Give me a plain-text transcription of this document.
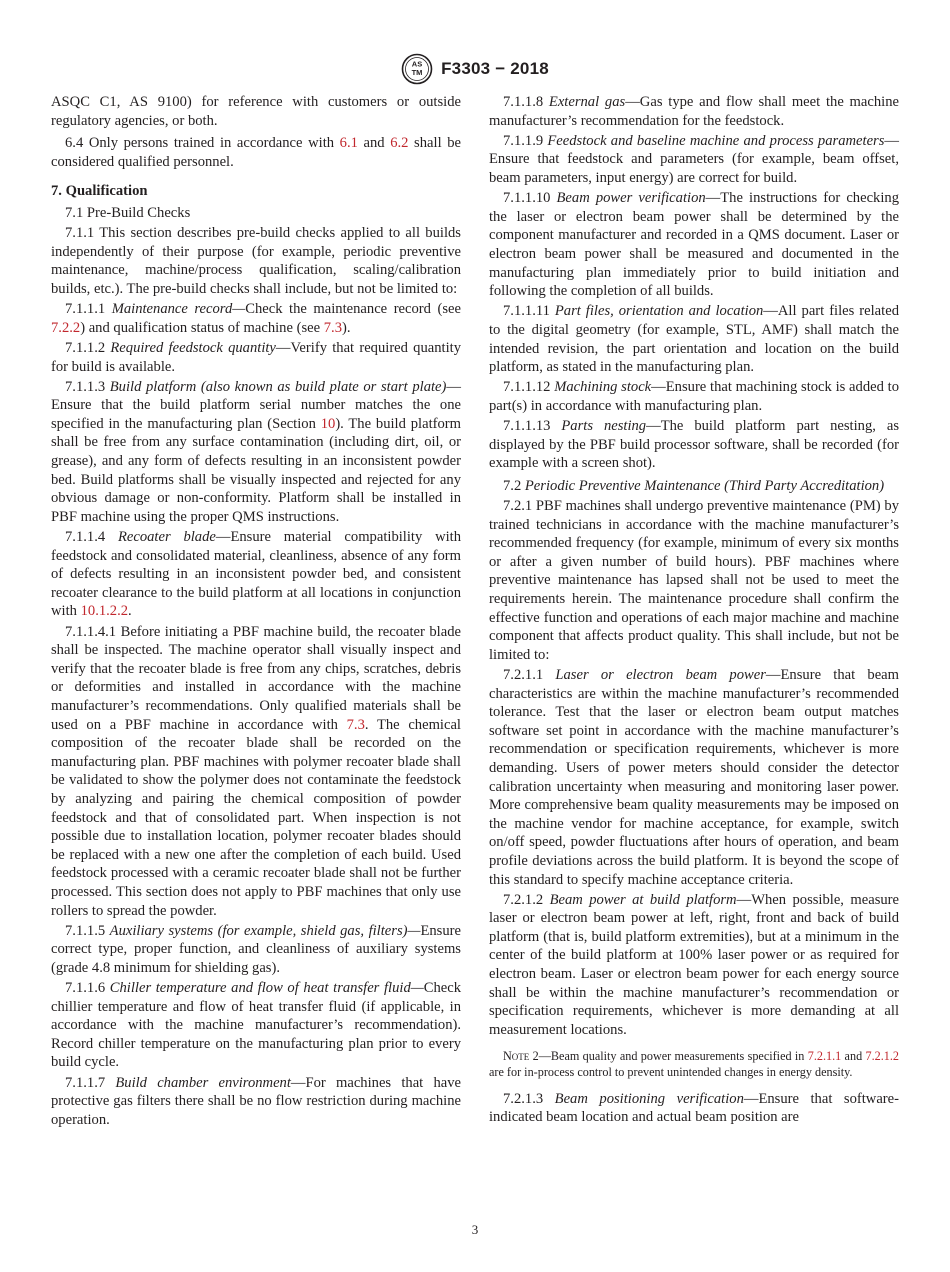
AS
TM F3303 − 2018

ASQC C1, AS 9100) for reference with customers or outside regulatory agencies, or both.

6.4 Only persons trained in accordance with 6.1 and 6.2 shall be considered qualified personnel.

7. Qualification

7.1 Pre-Build Checks

7.1.1 This section describes pre-build checks applied to all builds independently of their purpose (for example, periodic preventive maintenance, machine/process qualification, scaling/calibration builds, etc.). The pre-build checks shall include, but not be limited to:

7.1.1.1 Maintenance record—Check the maintenance record (see 7.2.2) and qualification status of machine (see 7.3).

7.1.1.2 Required feedstock quantity—Verify that required quantity for build is available.

7.1.1.3 Build platform (also known as build plate or start plate)—Ensure that the build platform serial number matches the one specified in the manufacturing plan (Section 10). The build platform shall be free from any surface contamination (including dirt, oil, or grease), and any form of defects resulting in an inconsistent powder bed. Build platforms shall be visually inspected and rejected for any obvious damage or non-conformity. Platform shall be installed in PBF machine using the proper QMS instructions.

7.1.1.4 Recoater blade—Ensure material compatibility with feedstock and consolidated material, cleanliness, absence of any form of defects resulting in an inconsistent powder bed, and consistent recoater clearance to the build platform at all locations in conjunction with 10.1.2.2.

7.1.1.4.1 Before initiating a PBF machine build, the recoater blade shall be inspected. The machine operator shall visually inspect and verify that the recoater blade is free from any chips, scratches, debris or deformities and installed in accordance with the machine manufacturer’s recommendations. Only qualified materials shall be used on a PBF machine in accordance with 7.3. The chemical composition of the recoater blade shall be recorded on the manufacturing plan. PBF machines with polymer recoater blade shall be validated to show the polymer does not contaminate the feedstock by analyzing and pairing the chemical composition of powder feedstock and that of consolidated part. When inspection is not possible due to installation location, polymer recoater blades should be replaced with a new one after the completion of each build. Used feedstock processed with a ceramic recoater blade shall not be further processed. This section does not apply to PBF machines that only use rollers to spread the powder.

7.1.1.5 Auxiliary systems (for example, shield gas, filters)—Ensure correct type, proper function, and cleanliness of auxiliary systems (grade 4.8 minimum for shielding gas).

7.1.1.6 Chiller temperature and flow of heat transfer fluid—Check chillier temperature and flow of heat transfer fluid (if applicable, in accordance with the machine manufacturer’s recommendation). Record chiller temperature on the manufacturing plan prior to every build cycle.

7.1.1.7 Build chamber environment—For machines that have protective gas filters there shall be no flow restriction during machine operation.

7.1.1.8 External gas—Gas type and flow shall meet the machine manufacturer’s recommendation for the feedstock.

7.1.1.9 Feedstock and baseline machine and process parameters—Ensure that feedstock and parameters (for example, beam offset, beam parameters, input energy) are correct for build.

7.1.1.10 Beam power verification—The instructions for checking the laser or electron beam power shall be determined by the component manufacturer and recorded in a QMS document. Laser or electron beam power shall be measured and documented in the manufacturing plan immediately prior to build initiation and following the completion of all builds.

7.1.1.11 Part files, orientation and location—All part files related to the digital geometry (for example, STL, AMF) shall match the intended revision, the part orientation and location on the build platform, as stated in the manufacturing plan.

7.1.1.12 Machining stock—Ensure that machining stock is added to part(s) in accordance with manufacturing plan.

7.1.1.13 Parts nesting—The build platform part nesting, as displayed by the PBF build processor software, shall be recorded (for example with a screen shot).

7.2 Periodic Preventive Maintenance (Third Party Accreditation)

7.2.1 PBF machines shall undergo preventive maintenance (PM) by trained technicians in accordance with the machine manufacturer’s recommended frequency (for example, minimum of every six months or after a given number of build hours). PBF machines where preventive maintenance has lapsed shall not be used to meet the requirements herein. The maintenance procedure shall confirm the effective function and operations of each major machine and machine component that affects product quality. This shall include, but not be limited to:

7.2.1.1 Laser or electron beam power—Ensure that beam characteristics are within the machine manufacturer’s recommended tolerance. Test that the laser or electron beam output matches software set point in accordance with the machine manufacturer’s recommendation or specification requirements, whichever is more demanding. Users of power meters should consider the detector calibration uncertainty when measuring and monitoring laser power. More comprehensive beam quality measurements may be imposed on the machine vendor for machine acceptance, for example, switch on/off speed, powder fluctuations after hours of operation, and beam profile deviations across the build platform. It is beyond the scope of this standard to specify machine acceptance criteria.

7.2.1.2 Beam power at build platform—When possible, measure laser or electron beam power at left, right, front and back of build platform (that is, build platform extremities), but at a minimum in the center of the build platform at 100% laser power or as required for electron beam. Laser or electron beam power for each energy source shall be within the machine manufacturer’s recommendation or specification requirements, whichever is more demanding at all measurement locations.

Note 2—Beam quality and power measurements specified in 7.2.1.1 and 7.2.1.2 are for in-process control to prevent unintended changes in energy density.

7.2.1.3 Beam positioning verification—Ensure that software-indicated beam location and actual beam position are

3
